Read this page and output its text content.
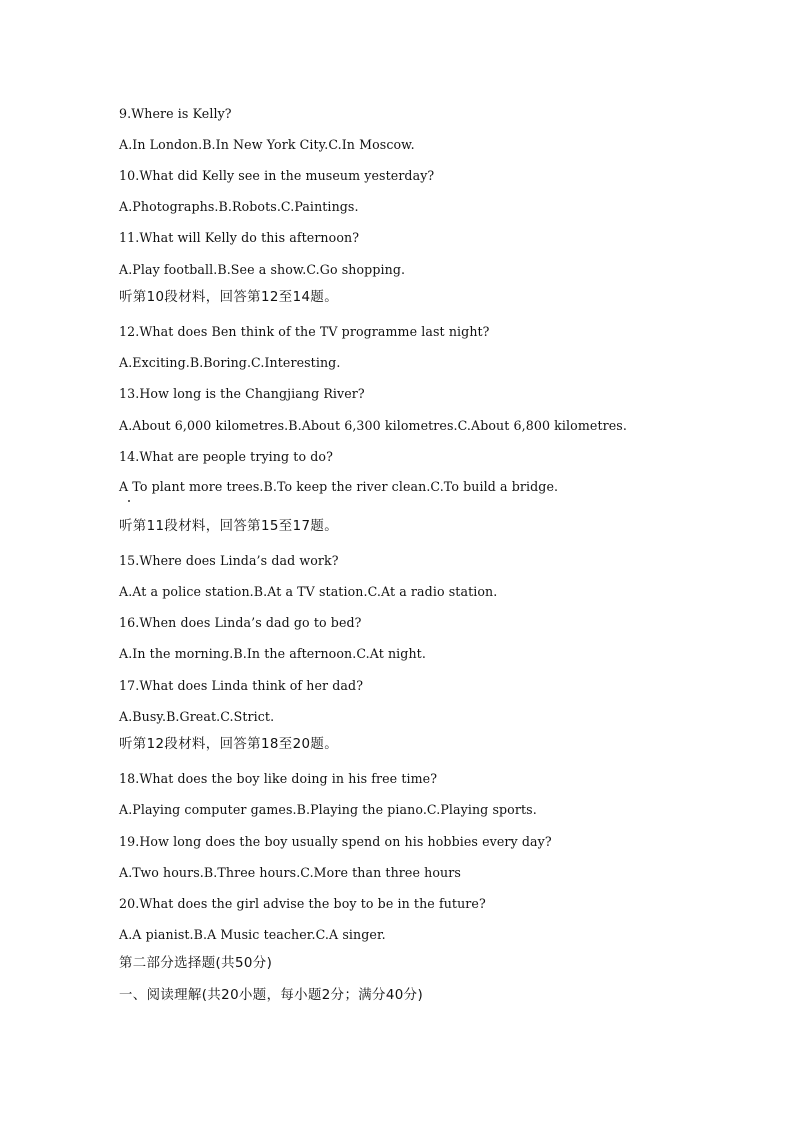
9.Where is Kelly?
A.In London.B.In New York City.C.In Moscow.
10.What did Kelly see in the museum yesterday?
A.Photographs.B.Robots.C.Paintings.
11.What will Kelly do this afternoon?
A.Play football.B.See a show.C.Go shopping.
听第10段材料，回答第12至14题。
12.What does Ben think of the TV programme last night?
A.Exciting.B.Boring.C.Interesting.
13.How long is the Changjiang River?
A.About 6,000 kilometres.B.About 6,300 kilometres.C.About 6,800 kilometres.
14.What are people trying to do?
A To plant more trees.B.To keep the river clean.C.To build a bridge.
听第11段材料，回答第15至17题。
15.Where does Linda’s dad work?
A.At a police station.B.At a TV station.C.At a radio station.
16.When does Linda’s dad go to bed?
A.In the morning.B.In the afternoon.C.At night.
17.What does Linda think of her dad?
A.Busy.B.Great.C.Strict.
听第12段材料，回答第18至20题。
18.What does the boy like doing in his free time?
A.Playing computer games.B.Playing the piano.C.Playing sports.
19.How long does the boy usually spend on his hobbies every day?
A.Two hours.B.Three hours.C.More than three hours
20.What does the girl advise the boy to be in the future?
A.A pianist.B.A Music teacher.C.A singer.
第二部分选择题(共50分)
一、阅读理解(共20小题，每小题2分；满分40分)
